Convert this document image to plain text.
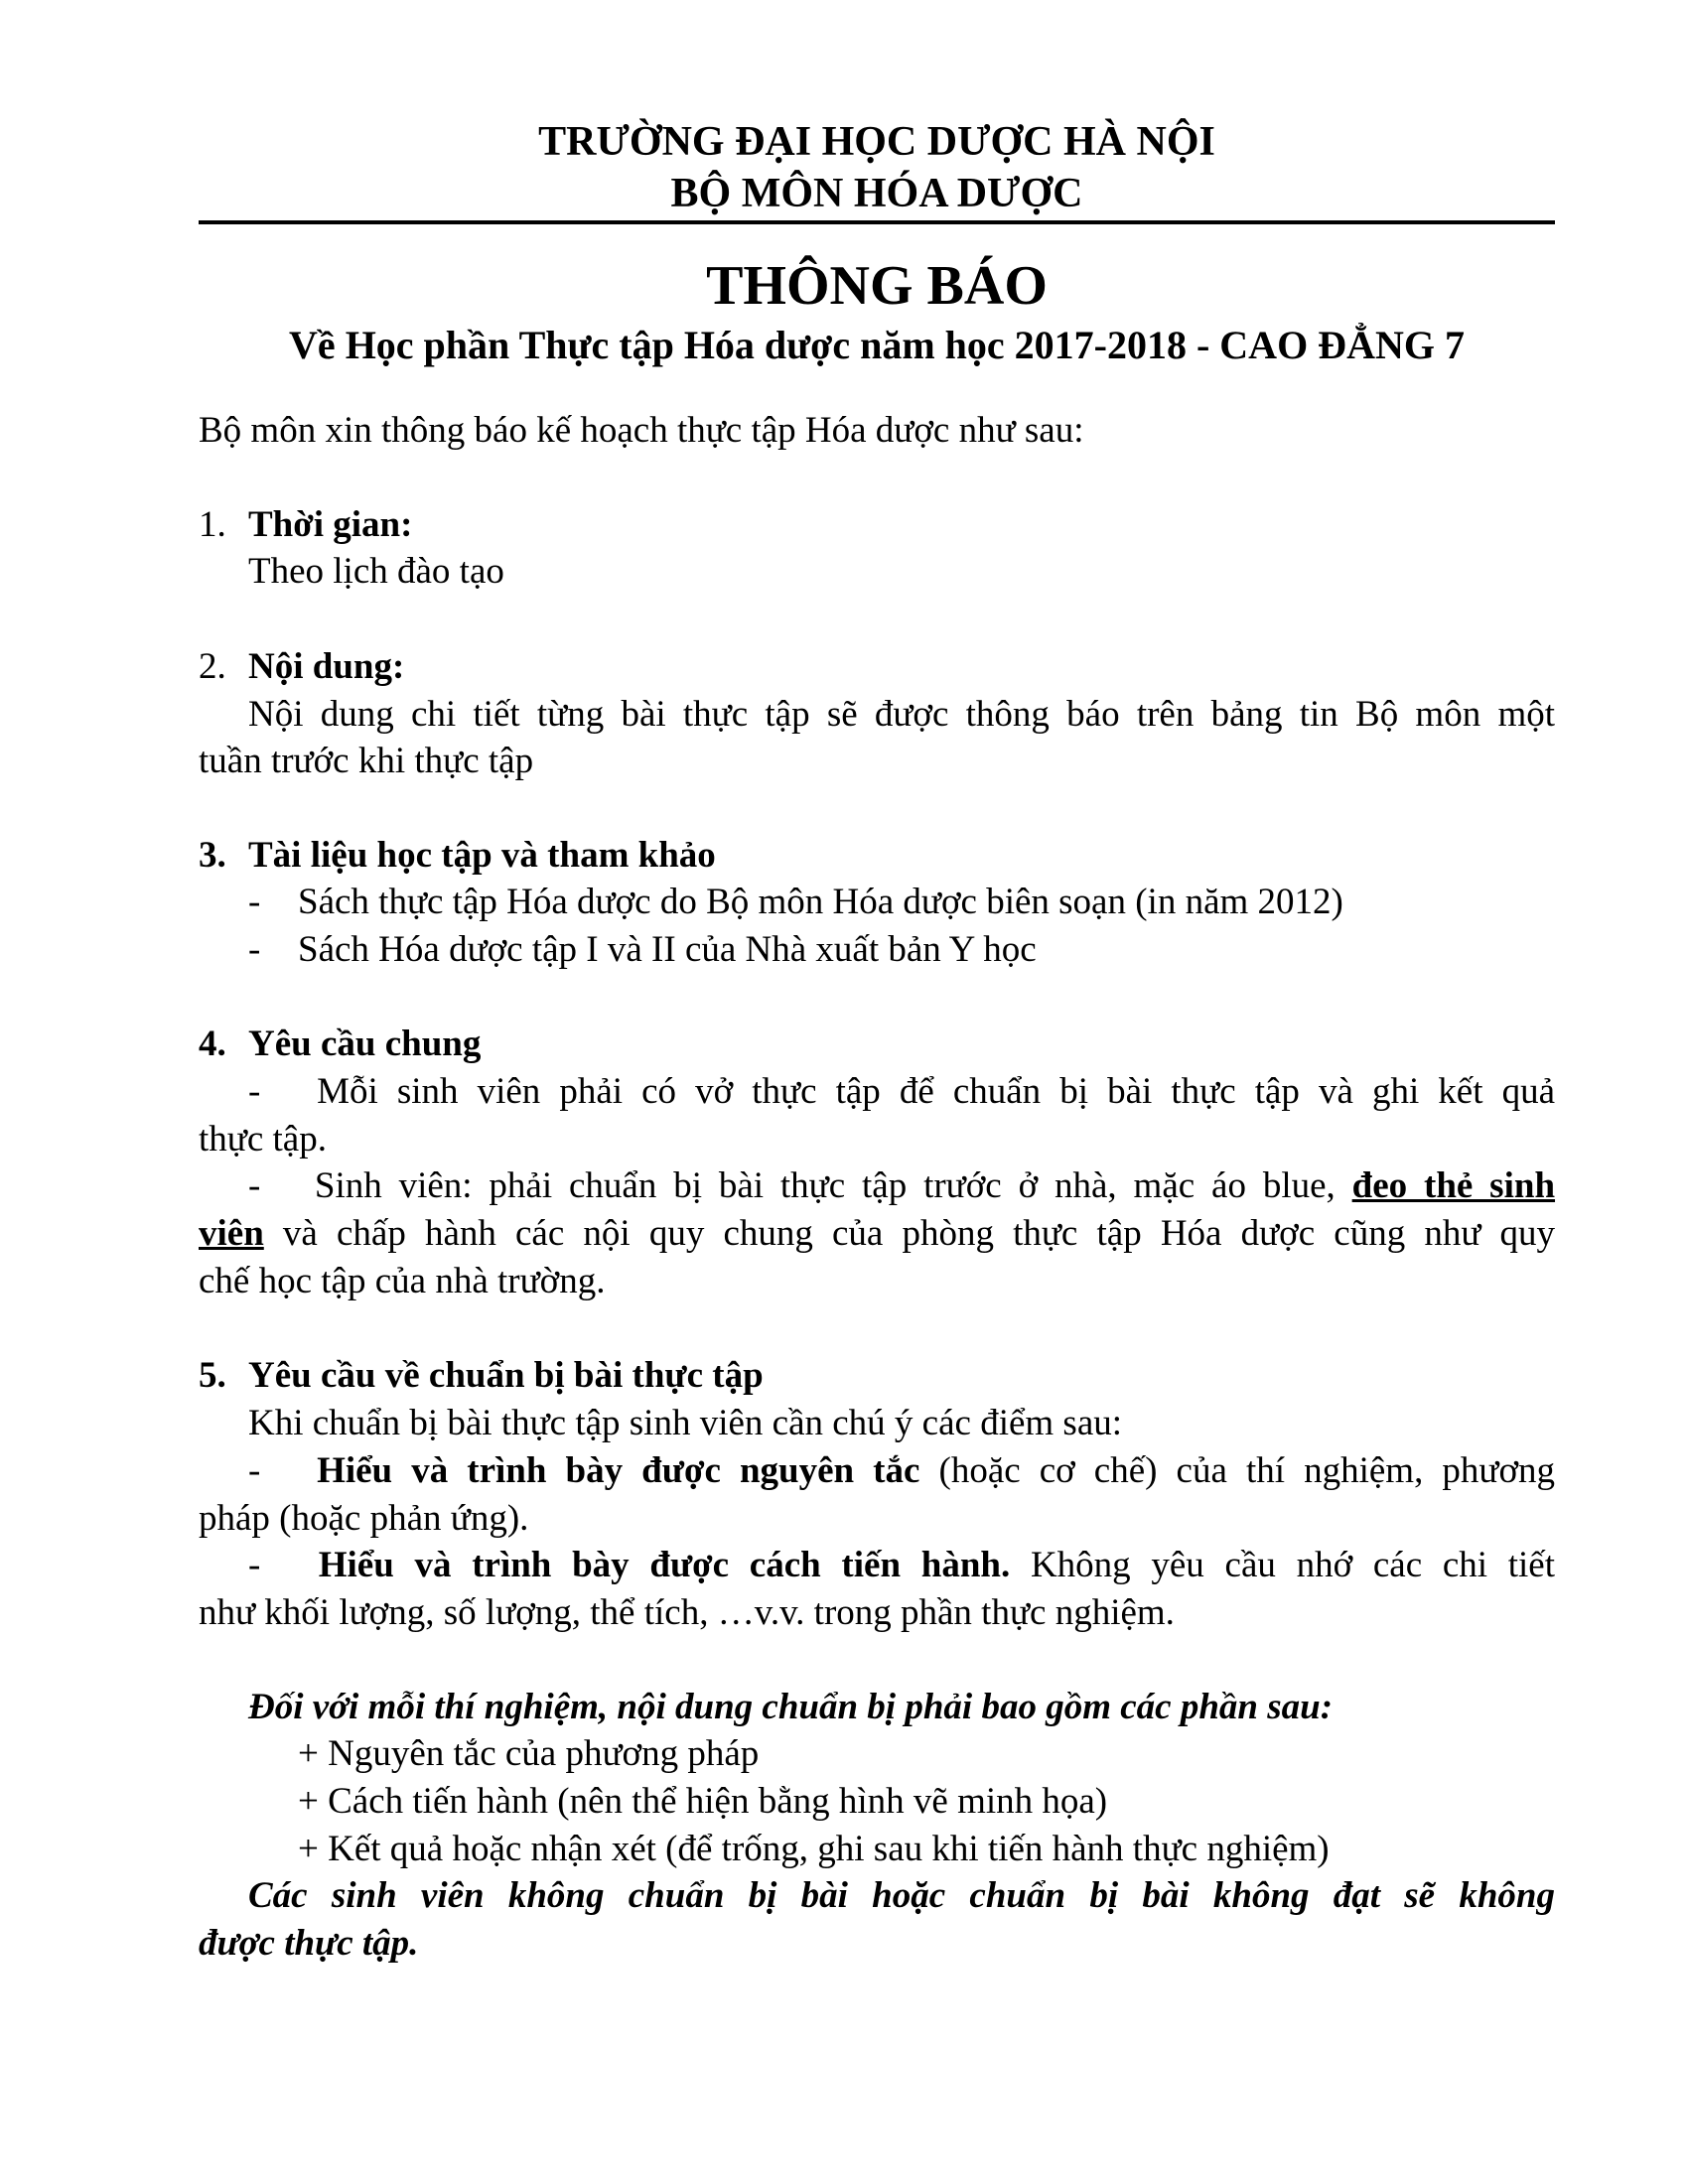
TRƯỜNG ĐẠI HỌC DƯỢC HÀ NỘI
BỘ MÔN HÓA DƯỢC
THÔNG BÁO
Về Học phần Thực tập Hóa dược năm học 2017-2018 - CAO ĐẲNG 7
Bộ môn xin thông báo kế hoạch thực tập Hóa dược như sau:
1. Thời gian:
Theo lịch đào tạo
2. Nội dung:
Nội dung chi tiết từng bài thực tập sẽ được thông báo trên bảng tin Bộ môn một
tuần trước khi thực tập
3. Tài liệu học tập và tham khảo
- Sách thực tập Hóa dược do Bộ môn Hóa dược biên soạn (in năm 2012)
- Sách Hóa dược tập I và II của Nhà xuất bản Y học
4. Yêu cầu chung
- Mỗi sinh viên phải có vở thực tập để chuẩn bị bài thực tập và ghi kết quả
thực tập.
- Sinh viên: phải chuẩn bị bài thực tập trước ở nhà, mặc áo blue, đeo thẻ sinh
viên và chấp hành các nội quy chung của phòng thực tập Hóa dược cũng như quy
chế học tập của nhà trường.
5. Yêu cầu về chuẩn bị bài thực tập
Khi chuẩn bị bài thực tập sinh viên cần chú ý các điểm sau:
- Hiểu và trình bày được nguyên tắc (hoặc cơ chế) của thí nghiệm, phương
pháp (hoặc phản ứng).
- Hiểu và trình bày được cách tiến hành. Không yêu cầu nhớ các chi tiết
như khối lượng, số lượng, thể tích, …v.v. trong phần thực nghiệm.
Đối với mỗi thí nghiệm, nội dung chuẩn bị phải bao gồm các phần sau:
+ Nguyên tắc của phương pháp
+ Cách tiến hành (nên thể hiện bằng hình vẽ minh họa)
+ Kết quả hoặc nhận xét (để trống, ghi sau khi tiến hành thực nghiệm)
Các sinh viên không chuẩn bị bài hoặc chuẩn bị bài không đạt sẽ không
được thực tập.
